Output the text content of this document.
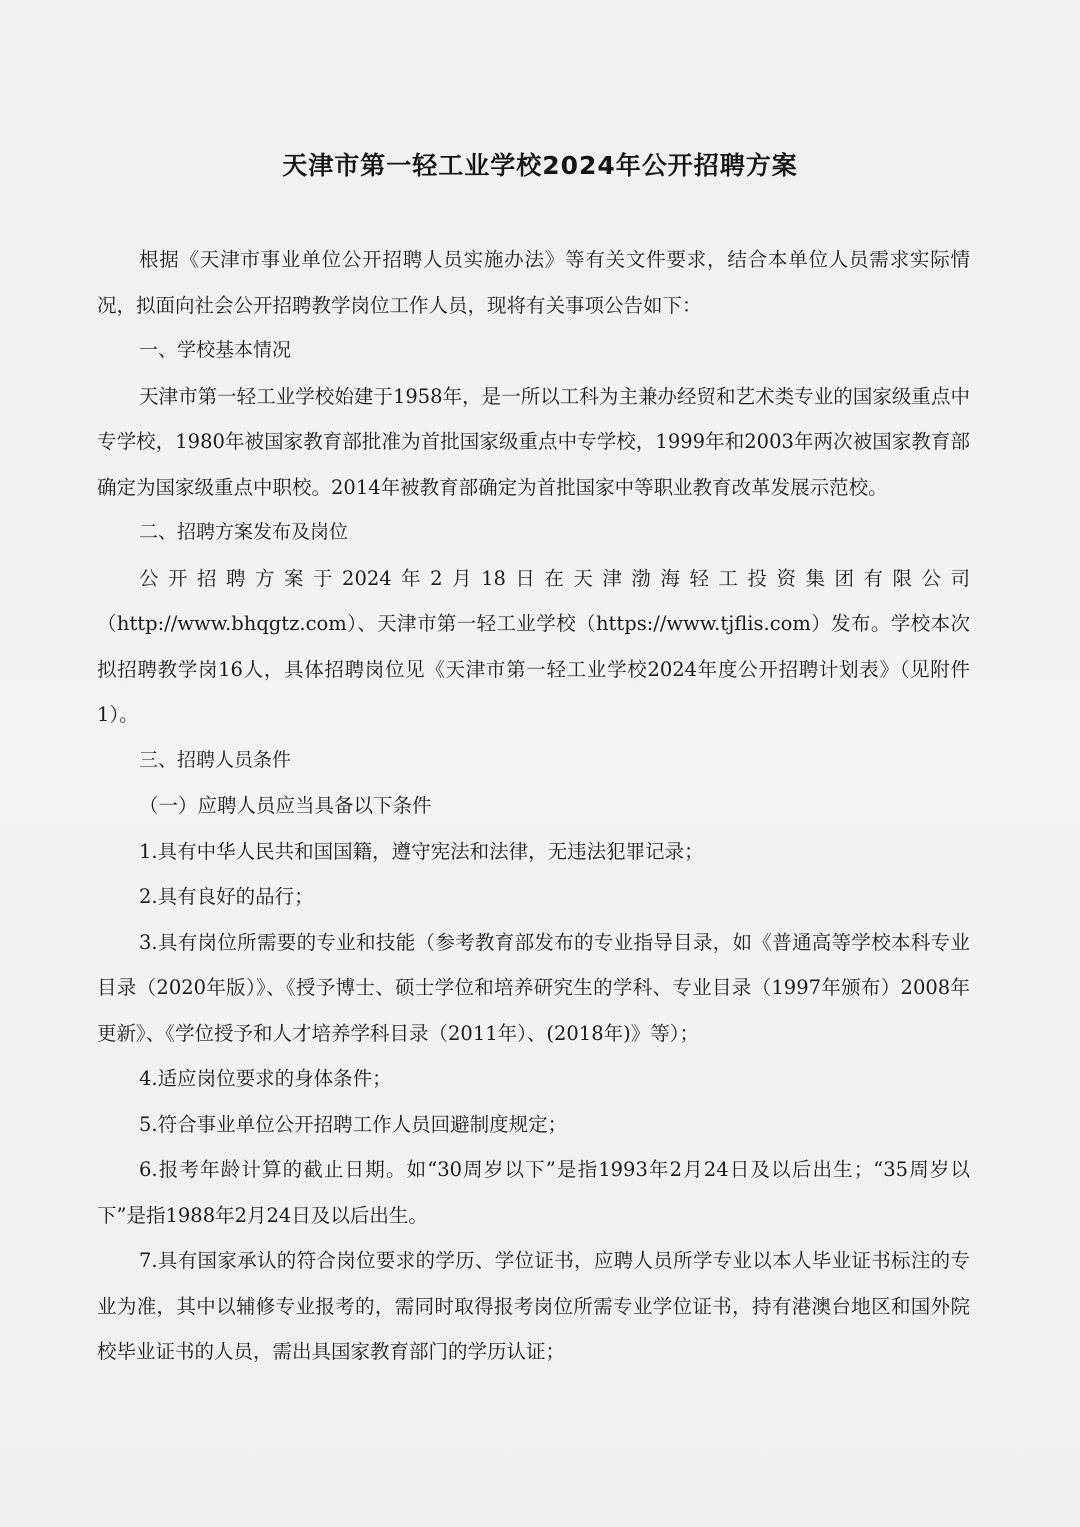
天津市第一轻工业学校2024年公开招聘方案

根据《天津市事业单位公开招聘人员实施办法》等有关文件要求，结合本单位人员需求实际情况，拟面向社会公开招聘教学岗位工作人员，现将有关事项公告如下：

一、学校基本情况

天津市第一轻工业学校始建于1958年，是一所以工科为主兼办经贸和艺术类专业的国家级重点中专学校，1980年被国家教育部批准为首批国家级重点中专学校，1999年和2003年两次被国家教育部确定为国家级重点中职校。2014年被教育部确定为首批国家中等职业教育改革发展示范校。

二、招聘方案发布及岗位

公开招聘方案于2024年2月18日在天津渤海轻工投资集团有限公司（http://www.bhqgtz.com）、天津市第一轻工业学校（https://www.tjflis.com）发布。学校本次拟招聘教学岗16人，具体招聘岗位见《天津市第一轻工业学校2024年度公开招聘计划表》（见附件1）。

三、招聘人员条件

（一）应聘人员应当具备以下条件

1.具有中华人民共和国国籍，遵守宪法和法律，无违法犯罪记录；

2.具有良好的品行；

3.具有岗位所需要的专业和技能（参考教育部发布的专业指导目录，如《普通高等学校本科专业目录（2020年版）》、《授予博士、硕士学位和培养研究生的学科、专业目录（1997年颁布）2008年更新》、《学位授予和人才培养学科目录（2011年）、(2018年)》等）；

4.适应岗位要求的身体条件；

5.符合事业单位公开招聘工作人员回避制度规定；

6.报考年龄计算的截止日期。如“30周岁以下”是指1993年2月24日及以后出生；“35周岁以下”是指1988年2月24日及以后出生。

7.具有国家承认的符合岗位要求的学历、学位证书，应聘人员所学专业以本人毕业证书标注的专业为准，其中以辅修专业报考的，需同时取得报考岗位所需专业学位证书，持有港澳台地区和国外院校毕业证书的人员，需出具国家教育部门的学历认证；
